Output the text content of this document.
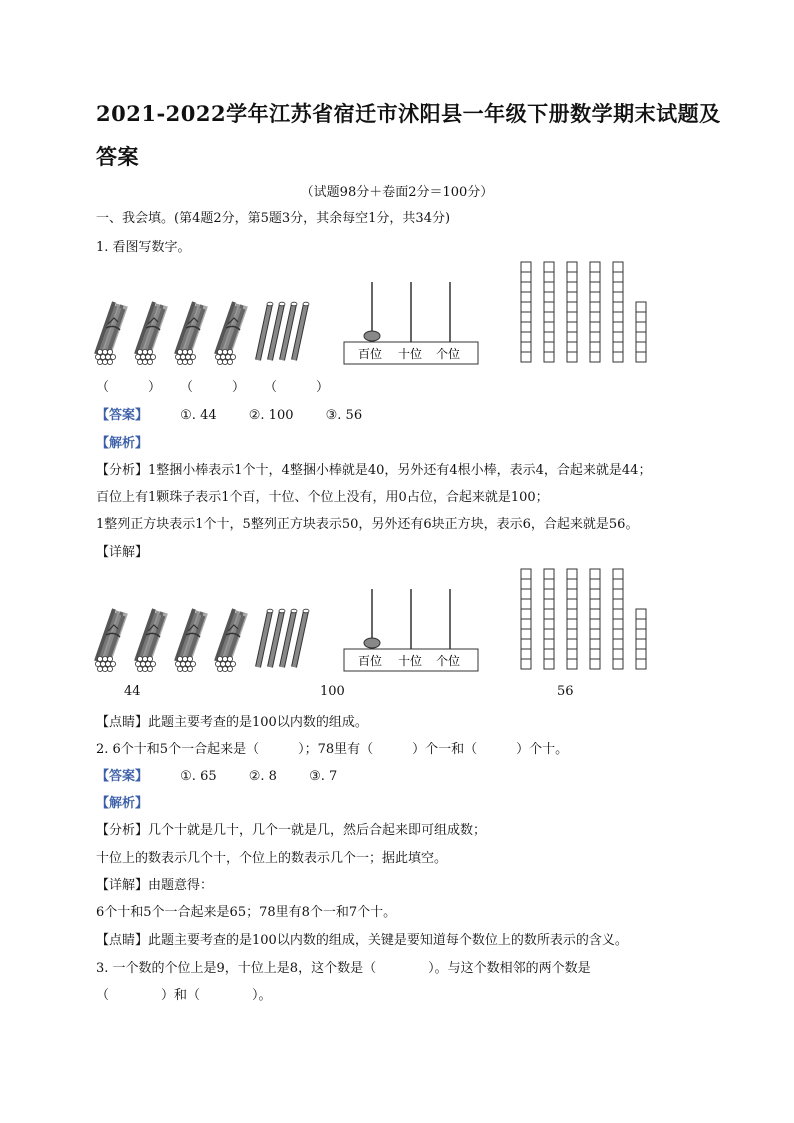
2021-2022学年江苏省宿迁市沭阳县一年级下册数学期末试题及
答案
（试题98分＋卷面2分＝100分）
一、我会填。(第4题2分，第5题3分，其余每空1分，共34分)
1. 看图写数字。
百位 十位 个位
（　　　） （　　　） （　　　）
【答案】 ①. 44 ②. 100 ③. 56
【解析】
【分析】1整捆小棒表示1个十，4整捆小棒就是40，另外还有4根小棒，表示4，合起来就是44；
百位上有1颗珠子表示1个百，十位、个位上没有，用0占位，合起来就是100；
1整列正方块表示1个十，5整列正方块表示50，另外还有6块正方块，表示6，合起来就是56。
【详解】
百位 十位 个位
44	100	56
【点睛】此题主要考查的是100以内数的组成。
2. 6个十和5个一合起来是（　　　）；78里有（　　　）个一和（　　　）个十。
【答案】 ①. 65 ②. 8 ③. 7
【解析】
【分析】几个十就是几十，几个一就是几，然后合起来即可组成数；
十位上的数表示几个十，个位上的数表示几个一；据此填空。
【详解】由题意得：
6个十和5个一合起来是65；78里有8个一和7个十。
【点睛】此题主要考查的是100以内数的组成，关键是要知道每个数位上的数所表示的含义。
3. 一个数的个位上是9，十位上是8，这个数是（　　　　）。与这个数相邻的两个数是
（　　　　）和（　　　　）。
